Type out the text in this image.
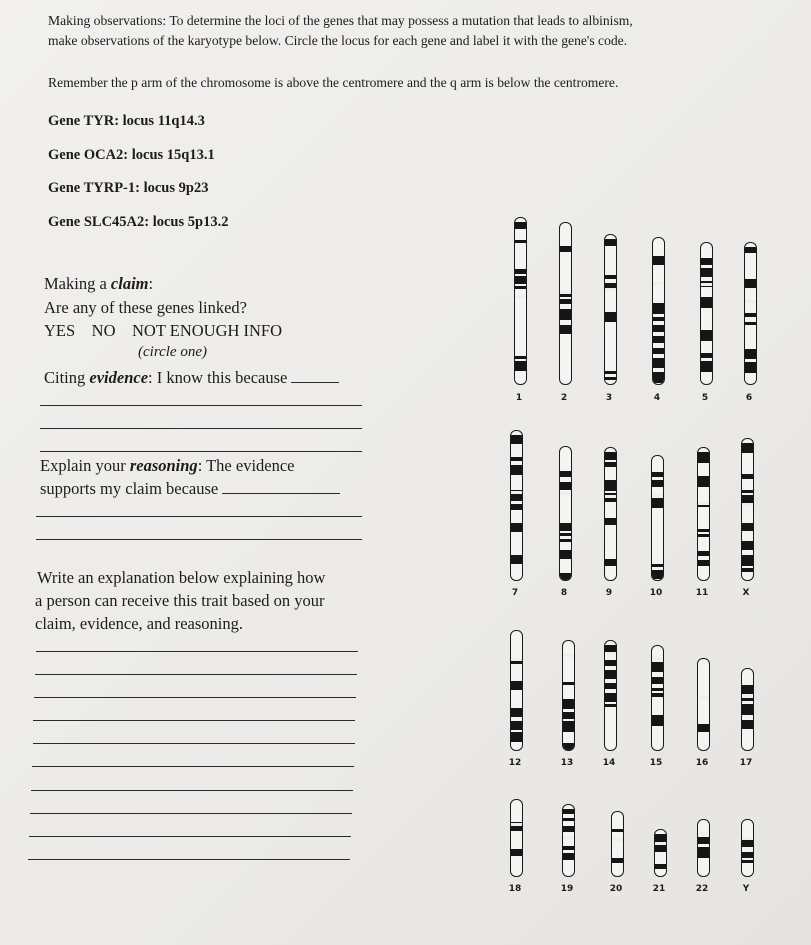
Making observations: To determine the loci of the genes that may possess a mutation that leads to albinism,
make observations of the karyotype below. Circle the locus for each gene and label it with the gene's code.
Remember the p arm of the chromosome is above the centromere and the q arm is below the centromere.
Gene TYR: locus 11q14.3
Gene OCA2: locus 15q13.1
Gene TYRP-1: locus 9p23
Gene SLC45A2: locus 5p13.2
Making a claim:
Are any of these genes linked?
YES    NO    NOT ENOUGH INFO
(circle one)
Citing evidence: I know this because
Explain your reasoning: The evidence
supports my claim because
Write an explanation below explaining how
a person can receive this trait based on your
claim, evidence, and reasoning.
1	2	3	4	5	6
7	8	9	10	11	X
12	13	14	15	16	17
18	19	20	21	22	Y
